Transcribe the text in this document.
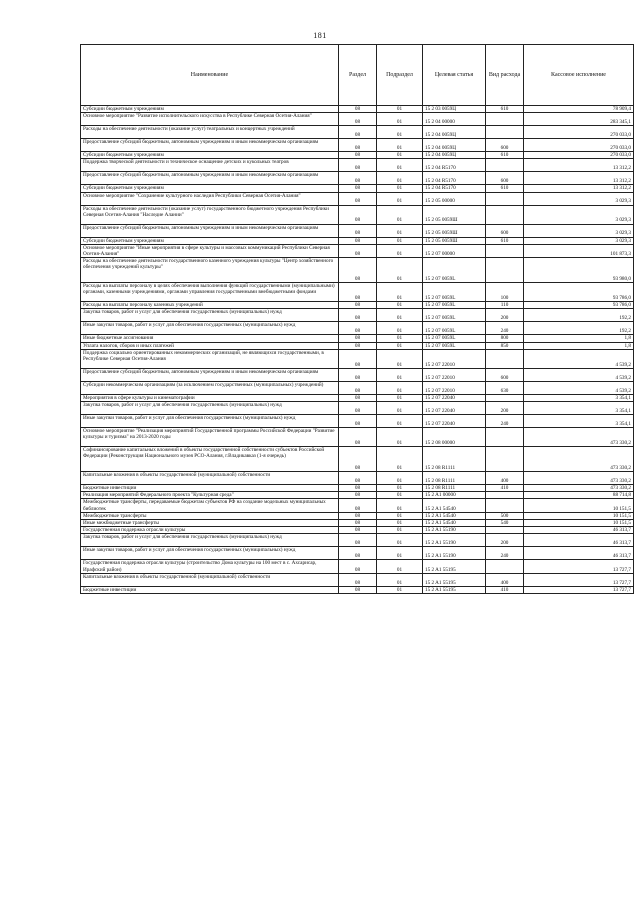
181
Наименование	Раздел	Подраздел	Целевая статья	Вид расхода	Кассовое исполнение
Субсидии бюджетным учреждениям	08	01	15 2 03 0059Ц	610	78 909,4
Основное мероприятие "Развитие исполнительского искусства в Республике Северная Осетия-Алания"	08	01	15 2 04 00000		283 345,1
Расходы на обеспечение деятельности (оказание услуг) театральных и концертных учреждений	08	01	15 2 04 0059Ц		270 033,0
Предоставление субсидий бюджетным, автономным учреждениям и иным некоммерческим организациям	08	01	15 2 04 0059Ц	600	270 033,0
Субсидии бюджетным учреждениям	08	01	15 2 04 0059Ц	610	270 033,0
Поддержка творческой деятельности и техническое оснащение детских и кукольных театров	08	01	15 2 04 R5170		13 312,2
Предоставление субсидий бюджетным, автономным учреждениям и иным некоммерческим организациям	08	01	15 2 04 R5170	600	13 312,2
Субсидии бюджетным учреждениям	08	01	15 2 04 R5170	610	13 312,2
Основное мероприятие "Сохранение культурного наследия Республики Северная Осетия-Алания"	08	01	15 2 05 00000		3 029,3
Расходы на обеспечение деятельности (оказание услуг) государственного бюджетного учреждения Республики Северная Осетия-Алания "Наследие Алании"	08	01	15 2 05 0059Ш		3 029,3
Предоставление субсидий бюджетным, автономным учреждениям и иным некоммерческим организациям	08	01	15 2 05 0059Ш	600	3 029,3
Субсидии бюджетным учреждениям	08	01	15 2 05 0059Ш	610	3 029,3
Основное мероприятие "Иные мероприятия в сфере культуры и массовых коммуникаций Республики Северная Осетия-Алания"	08	01	15 2 07 00000		101 873,3
Расходы на обеспечение деятельности государственного казенного учреждения культуры "Центр хозяйственного обеспечения учреждений культуры"	08	01	15 2 07 0059L		93 980,0
Расходы на выплаты персоналу в целях обеспечения выполнения функций государственными (муниципальными) органами, казенными учреждениями, органами управления государственными внебюджетными фондами	08	01	15 2 07 0059L	100	93 786,0
Расходы на выплаты персоналу казенных учреждений	08	01	15 2 07 0059L	110	93 786,0
Закупка товаров, работ и услуг для обеспечения государственных (муниципальных) нужд	08	01	15 2 07 0059L	200	192,2
Иные закупки товаров, работ и услуг для обеспечения государственных (муниципальных) нужд	08	01	15 2 07 0059L	240	192,2
Иные бюджетные ассигнования	08	01	15 2 07 0059L	800	1,8
Уплата налогов, сборов и иных платежей	08	01	15 2 07 0059L	850	1,8
Поддержка социально ориентированных некоммерческих организаций, не являющихся государственными, в Республике Северная Осетия-Алания	08	01	15 2 07 22010		4 539,2
Предоставление субсидий бюджетным, автономным учреждениям и иным некоммерческим организациям	08	01	15 2 07 22010	600	4 539,2
Субсидии некоммерческим организациям (за исключением государственных (муниципальных) учреждений)	08	01	15 2 07 22010	630	4 539,2
Мероприятия в сфере культуры и кинематографии	08	01	15 2 07 22040		3 354,1
Закупка товаров, работ и услуг для обеспечения государственных (муниципальных) нужд	08	01	15 2 07 22040	200	3 354,1
Иные закупки товаров, работ и услуг для обеспечения государственных (муниципальных) нужд	08	01	15 2 07 22040	240	3 354,1
Основное мероприятие "Реализация мероприятий Государственной программы Российской Федерации "Развитие культуры и туризма" на 2013-2020 годы	08	01	15 2 08 00000		473 330,2
Софинансирование капитальных вложений в объекты государственной собственности субъектов Российской Федерации (Реконструкция Национального музея РСО-Алания, г.Владикавказ (1-я очередь)	08	01	15 2 08 R1111		473 330,2
Капитальные вложения в объекты государственной (муниципальной) собственности	08	01	15 2 08 R1111	400	473 330,2
Бюджетные инвестиции	08	01	15 2 08 R1111	410	473 330,2
Реализация мероприятий Федерального проекта "Культурная среда"	08	01	15 2 A1 00000		88 714,8
Межбюджетные трансферты, передаваемые бюджетам субъектов РФ на создание модельных муниципальных библиотек	08	01	15 2 A1 54540		10 151,5
Межбюджетные трансферты	08	01	15 2 A1 54540	500	10 151,5
Иные межбюджетные трансферты	08	01	15 2 A1 54540	540	10 151,5
Государственная поддержка отрасли культуры	08	01	15 2 A1 55190		46 313,7
Закупка товаров, работ и услуг для обеспечения государственных (муниципальных) нужд	08	01	15 2 A1 55190	200	46 313,7
Иные закупки товаров, работ и услуг для обеспечения государственных (муниципальных) нужд	08	01	15 2 A1 55190	240	46 313,7
Государственная поддержка отрасли культуры (строительство Дома культуры на 100 мест в с. Ахсарисар, Ирафский район)	08	01	15 2 A1 55195		13 727,7
Капитальные вложения в объекты государственной (муниципальной) собственности	08	01	15 2 A1 55195	400	13 727,7
Бюджетные инвестиции	08	01	15 2 A1 55195	410	13 727,7
